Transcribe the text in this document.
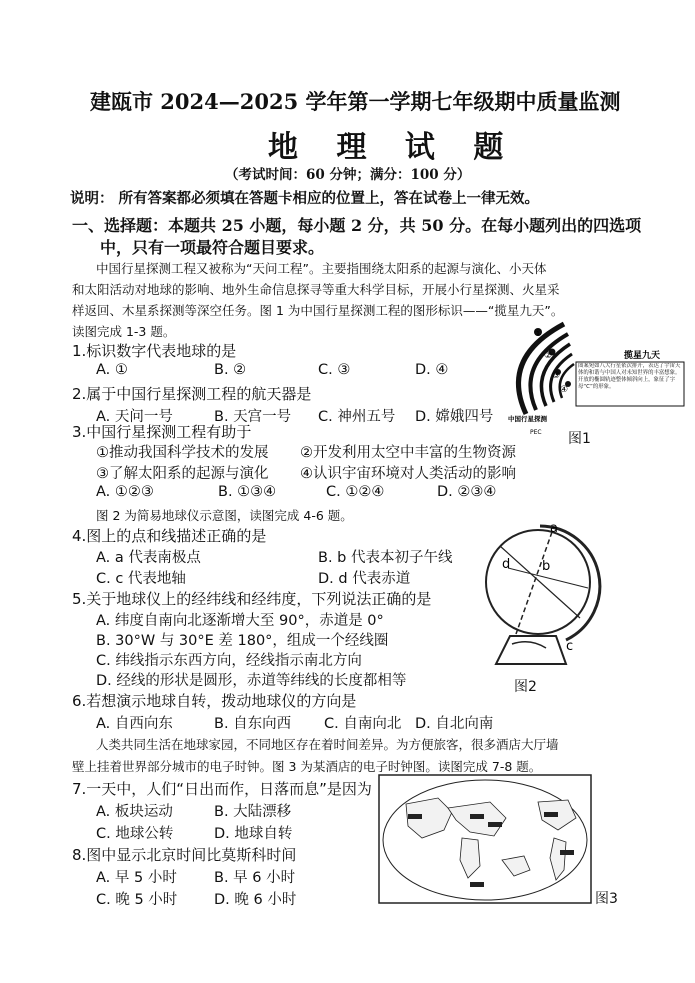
建瓯市 2024—2025 学年第一学期七年级期中质量监测
地 理 试 题
（考试时间：60 分钟；满分：100 分）
说明： 所有答案都必须填在答题卡相应的位置上，答在试卷上一律无效。
一、选择题：本题共 25 小题，每小题 2 分，共 50 分。在每小题列出的四选项
中，只有一项最符合题目要求。
中国行星探测工程又被称为“天问工程”。主要指围绕太阳系的起源与演化、小天体
和太阳活动对地球的影响、地外生命信息探寻等重大科学目标，开展小行星探测、火星采
样返回、木星系探测等深空任务。图 1 为中国行星探测工程的图形标识——“揽星九天”。
读图完成 1-3 题。
1.标识数字代表地球的是
A. ①	B. ②	C. ③	D. ④
2.属于中国行星探测工程的航天器是
A. 天问一号	B. 天宫一号 C. 神州五号 D. 嫦娥四号
①
②
③
④
中国行星探测
PEC
揽星九天
图案宛如八大行星依次排开，表达了宇宙天体的和谐与中国人对未知世界的丰富想象。开放的椭圆轨迹整体倾斜向上，象征了字母“C”的形象。
图1
3.中国行星探测工程有助于
①推动我国科学技术的发展 ②开发利用太空中丰富的生物资源
③了解太阳系的起源与演化 ④认识宇宙环境对人类活动的影响
A. ①②③	B. ①③④	C. ①②④	D. ②③④
图 2 为简易地球仪示意图，读图完成 4-6 题。
4.图上的点和线描述正确的是
A. a 代表南极点	B. b 代表本初子午线
C. c 代表地轴	D. d 代表赤道
5.关于地球仪上的经纬线和经纬度，下列说法正确的是
A. 纬度自南向北逐渐增大至 90°，赤道是 0°
B. 30°W 与 30°E 差 180°，组成一个经线圈
C. 纬线指示东西方向，经线指示南北方向
D. 经线的形状是圆形，赤道等纬线的长度都相等
a
b
d
c
图2
6.若想演示地球自转，拨动地球仪的方向是
A. 自西向东	B. 自东向西 C. 自南向北 D. 自北向南
人类共同生活在地球家园，不同地区存在着时间差异。为方便旅客，很多酒店大厅墙
壁上挂着世界部分城市的电子时钟。图 3 为某酒店的电子时钟图。读图完成 7-8 题。
7.一天中，人们“日出而作，日落而息”是因为
A. 板块运动	B. 大陆漂移
C. 地球公转	D. 地球自转
8.图中显示北京时间比莫斯科时间
A. 早 5 小时	B. 早 6 小时
C. 晚 5 小时	D. 晚 6 小时	图3
